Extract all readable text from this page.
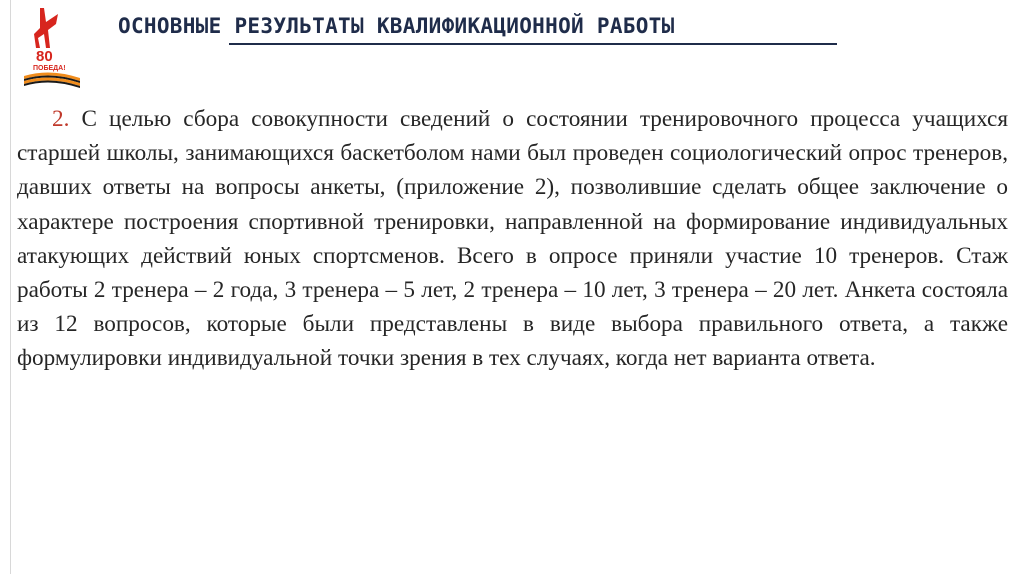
80
ПОБЕДА!
ОСНОВНЫЕ РЕЗУЛЬТАТЫ КВАЛИФИКАЦИОННОЙ РАБОТЫ

2. С целью сбора совокупности сведений о состоянии тренировочного процесса учащихся старшей школы, занимающихся баскетболом нами был проведен социологический опрос тренеров, давших ответы на вопросы анкеты, (приложение 2), позволившие сделать общее заключение о характере построения спортивной тренировки, направленной на формирование индивидуальных атакующих действий юных спортсменов. Всего в опросе приняли участие 10 тренеров. Стаж работы 2 тренера – 2 года, 3 тренера – 5 лет, 2 тренера – 10 лет, 3 тренера – 20 лет. Анкета состояла из 12 вопросов, которые были представлены в виде выбора правильного ответа, а также формулировки индивидуальной точки зрения в тех случаях, когда нет варианта ответа.
